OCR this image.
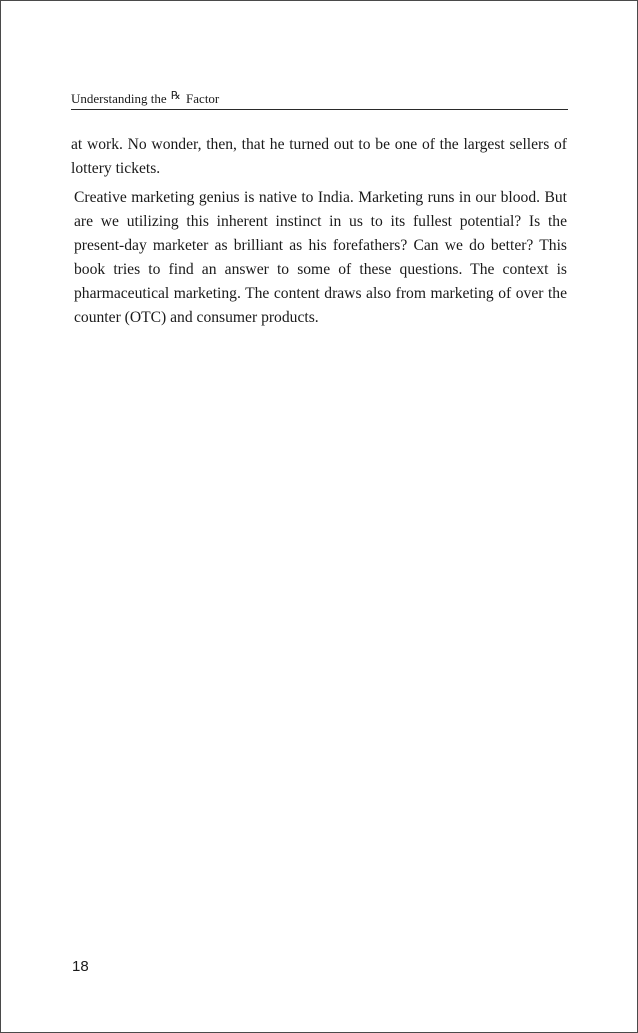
Understanding the ℞ Factor

at work. No wonder, then, that he turned out to be one of the largest sellers of lottery tickets.

Creative marketing genius is native to India. Marketing runs in our blood. But are we utilizing this inherent instinct in us to its fullest potential? Is the present-day marketer as brilliant as his forefathers? Can we do better? This book tries to find an answer to some of these questions. The context is pharmaceutical marketing. The content draws also from marketing of over the counter (OTC) and consumer products.

18
